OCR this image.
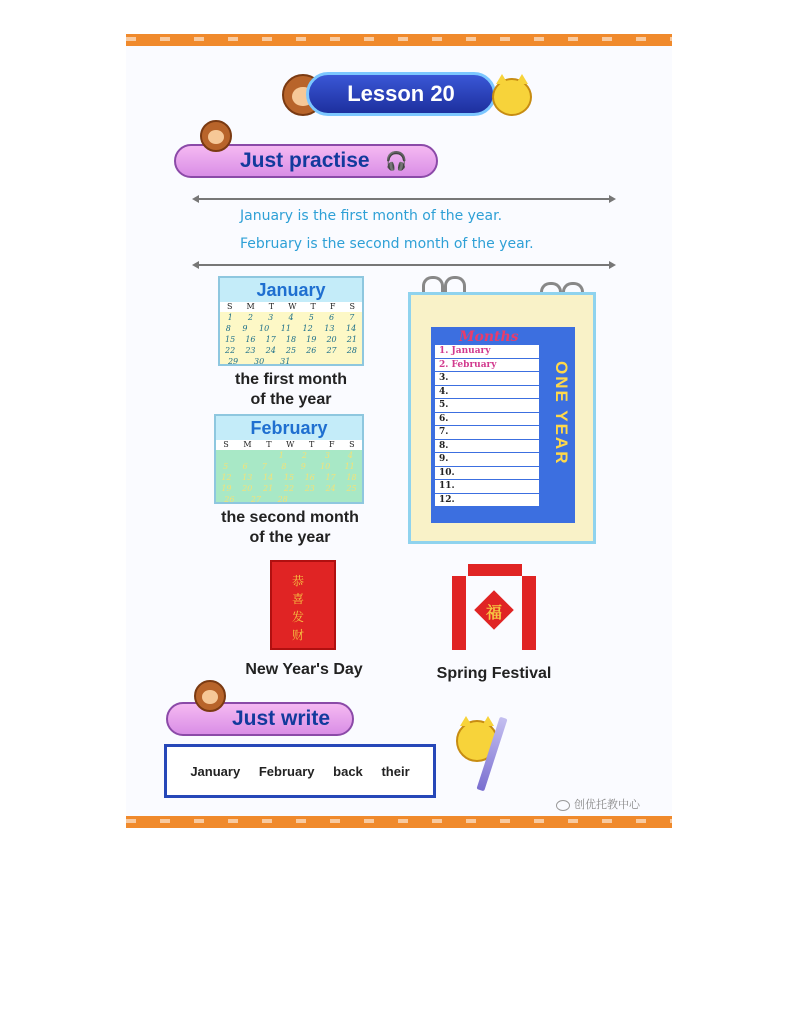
Lesson 20
Just practise 🎧
January is the first month of the year.
February is the second month of the year.
January
S M T W T F S
1 2 3 4 5 6 7
8 9 10 11 12 13 14
15 16 17 18 19 20 21
22 23 24 25 26 27 28
29 30 31
the first month
of the year
February
S M T W T F S
1 2 3 4
5 6 7 8 9 10 11
12 13 14 15 16 17 18
19 20 21 22 23 24 25
26 27 28
the second month
of the year
Months
1. January
2. February
3.
4.
5.
6.
7.
8.
9.
10.
11.
12.
ONE YEAR
恭
喜
发
财
New Year's Day
福
Spring Festival
Just write
January February back their
创优托教中心
